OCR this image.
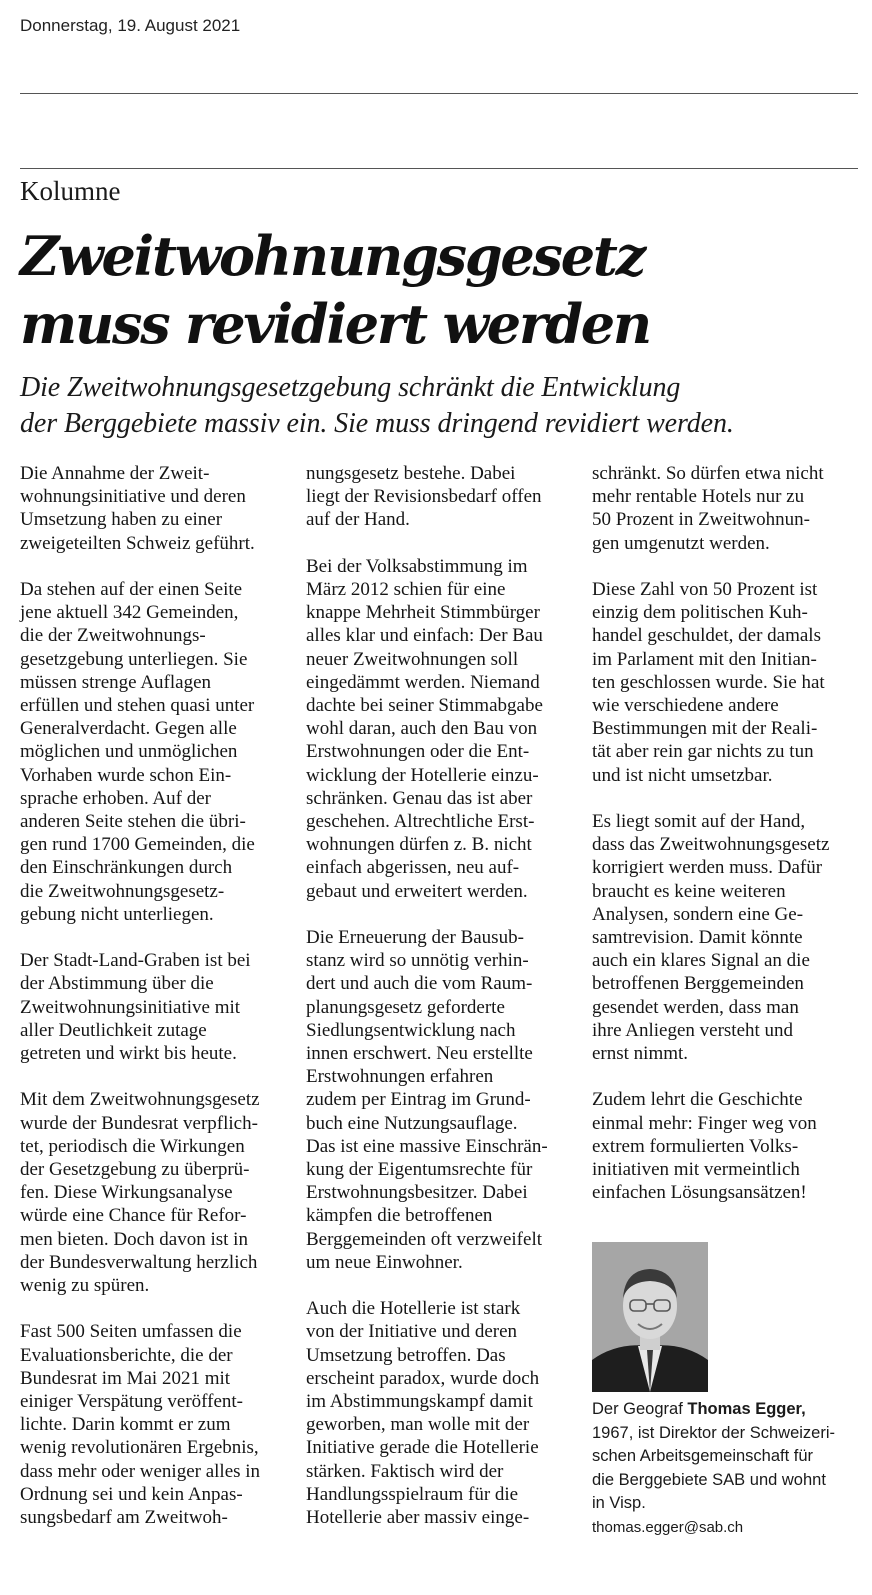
Donnerstag, 19. August 2021
Kolumne
Zweitwohnungsgesetz
muss revidiert werden
Die Zweitwohnungsgesetzgebung schränkt die Entwicklung
der Berggebiete massiv ein. Sie muss dringend revidiert werden.
Die Annahme der Zweit-
wohnungsinitiative und deren
Umsetzung haben zu einer
zweigeteilten Schweiz geführt.
Da stehen auf der einen Seite
jene aktuell 342 Gemeinden,
die der Zweitwohnungs-
gesetzgebung unterliegen. Sie
müssen strenge Auflagen
erfüllen und stehen quasi unter
Generalverdacht. Gegen alle
möglichen und unmöglichen
Vorhaben wurde schon Ein-
sprache erhoben. Auf der
anderen Seite stehen die übri-
gen rund 1700 Gemeinden, die
den Einschränkungen durch
die Zweitwohnungsgesetz-
gebung nicht unterliegen.
Der Stadt-Land-Graben ist bei
der Abstimmung über die
Zweitwohnungsinitiative mit
aller Deutlichkeit zutage
getreten und wirkt bis heute.
Mit dem Zweitwohnungsgesetz
wurde der Bundesrat verpflich-
tet, periodisch die Wirkungen
der Gesetzgebung zu überprü-
fen. Diese Wirkungsanalyse
würde eine Chance für Refor-
men bieten. Doch davon ist in
der Bundesverwaltung herzlich
wenig zu spüren.
Fast 500 Seiten umfassen die
Evaluationsberichte, die der
Bundesrat im Mai 2021 mit
einiger Verspätung veröffent-
lichte. Darin kommt er zum
wenig revolutionären Ergebnis,
dass mehr oder weniger alles in
Ordnung sei und kein Anpas-
sungsbedarf am Zweitwoh-
nungsgesetz bestehe. Dabei
liegt der Revisionsbedarf offen
auf der Hand.
Bei der Volksabstimmung im
März 2012 schien für eine
knappe Mehrheit Stimmbürger
alles klar und einfach: Der Bau
neuer Zweitwohnungen soll
eingedämmt werden. Niemand
dachte bei seiner Stimmabgabe
wohl daran, auch den Bau von
Erstwohnungen oder die Ent-
wicklung der Hotellerie einzu-
schränken. Genau das ist aber
geschehen. Altrechtliche Erst-
wohnungen dürfen z. B. nicht
einfach abgerissen, neu auf-
gebaut und erweitert werden.
Die Erneuerung der Bausub-
stanz wird so unnötig verhin-
dert und auch die vom Raum-
planungsgesetz geforderte
Siedlungsentwicklung nach
innen erschwert. Neu erstellte
Erstwohnungen erfahren
zudem per Eintrag im Grund-
buch eine Nutzungsauflage.
Das ist eine massive Einschrän-
kung der Eigentumsrechte für
Erstwohnungsbesitzer. Dabei
kämpfen die betroffenen
Berggemeinden oft verzweifelt
um neue Einwohner.
Auch die Hotellerie ist stark
von der Initiative und deren
Umsetzung betroffen. Das
erscheint paradox, wurde doch
im Abstimmungskampf damit
geworben, man wolle mit der
Initiative gerade die Hotellerie
stärken. Faktisch wird der
Handlungsspielraum für die
Hotellerie aber massiv einge-
schränkt. So dürfen etwa nicht
mehr rentable Hotels nur zu
50 Prozent in Zweitwohnun-
gen umgenutzt werden.
Diese Zahl von 50 Prozent ist
einzig dem politischen Kuh-
handel geschuldet, der damals
im Parlament mit den Initian-
ten geschlossen wurde. Sie hat
wie verschiedene andere
Bestimmungen mit der Reali-
tät aber rein gar nichts zu tun
und ist nicht umsetzbar.
Es liegt somit auf der Hand,
dass das Zweitwohnungsgesetz
korrigiert werden muss. Dafür
braucht es keine weiteren
Analysen, sondern eine Ge-
samtrevision. Damit könnte
auch ein klares Signal an die
betroffenen Berggemeinden
gesendet werden, dass man
ihre Anliegen versteht und
ernst nimmt.
Zudem lehrt die Geschichte
einmal mehr: Finger weg von
extrem formulierten Volks-
initiativen mit vermeintlich
einfachen Lösungsansätzen!
Der Geograf Thomas Egger,
1967, ist Direktor der Schweizeri-
schen Arbeitsgemeinschaft für
die Berggebiete SAB und wohnt
in Visp.
thomas.egger@sab.ch
